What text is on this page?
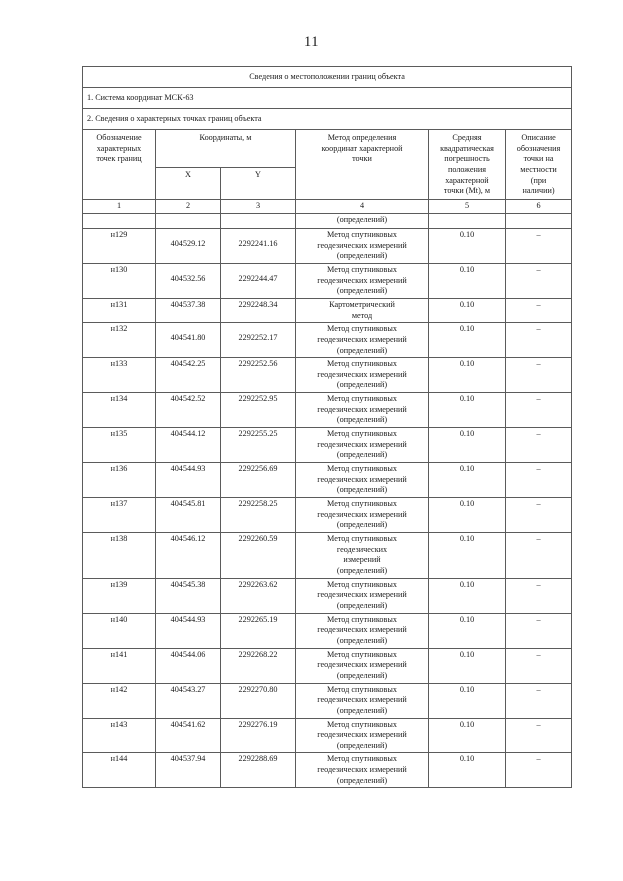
11
Сведения о местоположении границ объекта					
1. Система координат МСК-63					
2. Сведения о характерных точках границ объекта					

Обозначение
характерных
точек границ
	Координаты, м	Метод определения
координат характерной
точки

Средняя
квадратическая
погрешность
положения
характерной
точки (Мt), м

Описание
обозначения
точки на
местности
(при
наличии)

	X	Y			
1	2	3	4	5	6

			(определений)		

н129	404529.12	2292241.16	Метод спутниковых
геодезических измерений
(определений)	0.10	–
н130	404532.56	2292244.47	Метод спутниковых
геодезических измерений
(определений)	0.10	–
н131	404537.38	2292248.34	Картометрический
метод	0.10	–
н132	404541.80	2292252.17	Метод спутниковых
геодезических измерений
(определений)	0.10	–
н133	404542.25	2292252.56	Метод спутниковых
геодезических измерений
(определений)	0.10	–
н134	404542.52	2292252.95	Метод спутниковых
геодезических измерений
(определений)	0.10	–
н135	404544.12	2292255.25	Метод спутниковых
геодезических измерений
(определений)	0.10	–
н136	404544.93	2292256.69	Метод спутниковых
геодезических измерений
(определений)	0.10	–
н137	404545.81	2292258.25	Метод спутниковых
геодезических измерений
(определений)	0.10	–
н138	404546.12	2292260.59	Метод спутниковых
геодезических
измерений
(определений)	0.10	–
н139	404545.38	2292263.62	Метод спутниковых
геодезических измерений
(определений)	0.10	–
н140	404544.93	2292265.19	Метод спутниковых
геодезических измерений
(определений)	0.10	–
н141	404544.06	2292268.22	Метод спутниковых
геодезических измерений
(определений)	0.10	–
н142	404543.27	2292270.80	Метод спутниковых
геодезических измерений
(определений)	0.10	–
н143	404541.62	2292276.19	Метод спутниковых
геодезических измерений
(определений)	0.10	–
н144	404537.94	2292288.69	Метод спутниковых
геодезических измерений
(определений)	0.10	–
